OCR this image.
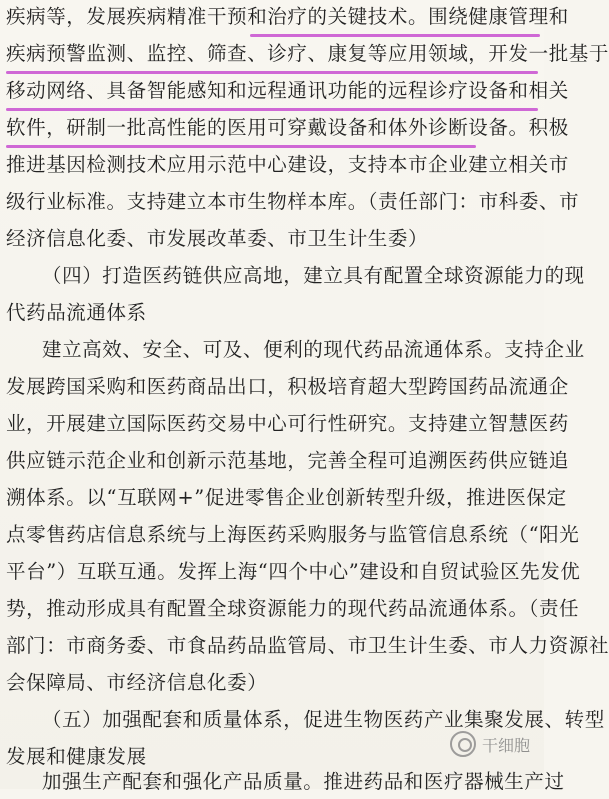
疾病等，发展疾病精准干预和治疗的关键技术。围绕健康管理和
疾病预警监测、监控、筛查、诊疗、康复等应用领域，开发一批基于
移动网络、具备智能感知和远程通讯功能的远程诊疗设备和相关
软件，研制一批高性能的医用可穿戴设备和体外诊断设备。积极
推进基因检测技术应用示范中心建设，支持本市企业建立相关市
级行业标准。支持建立本市生物样本库。（责任部门：市科委、市
经济信息化委、市发展改革委、市卫生计生委）
（四）打造医药链供应高地，建立具有配置全球资源能力的现
代药品流通体系
建立高效、安全、可及、便利的现代药品流通体系。支持企业
发展跨国采购和医药商品出口，积极培育超大型跨国药品流通企
业，开展建立国际医药交易中心可行性研究。支持建立智慧医药
供应链示范企业和创新示范基地，完善全程可追溯医药供应链追
溯体系。以“互联网+”促进零售企业创新转型升级，推进医保定
点零售药店信息系统与上海医药采购服务与监管信息系统（“阳光
平台”）互联互通。发挥上海“四个中心”建设和自贸试验区先发优
势，推动形成具有配置全球资源能力的现代药品流通体系。（责任
部门：市商务委、市食品药品监管局、市卫生计生委、市人力资源社
会保障局、市经济信息化委）
（五）加强配套和质量体系，促进生物医药产业集聚发展、转型
发展和健康发展
加强生产配套和强化产品质量。推进药品和医疗器械生产过
干细胞
